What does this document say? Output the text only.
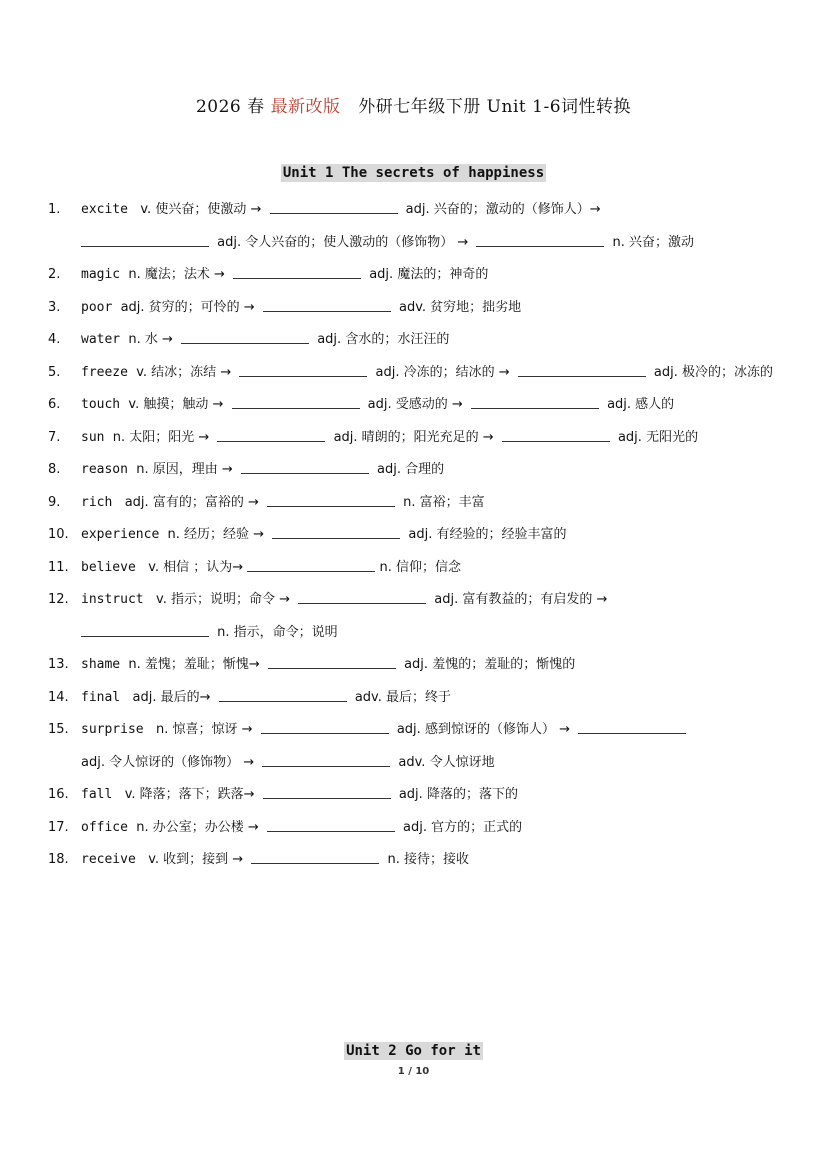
2026 春 最新改版 外研七年级下册 Unit 1-6词性转换
Unit 1 The secrets of happiness
1. excite v. 使兴奋；使激动 →	adj. 兴奋的；激动的（修饰人）→
adj. 令人兴奋的；使人激动的（修饰物） →	n. 兴奋；激动
2. magic n. 魔法；法术 →	adj. 魔法的；神奇的
3. poor adj. 贫穷的；可怜的 →	adv. 贫穷地；拙劣地
4. water n. 水 →	adj. 含水的；水汪汪的
5. freeze v. 结冰；冻结 →	adj. 冷冻的；结冰的 →	adj. 极冷的；冰冻的
6. touch v. 触摸；触动 →	adj. 受感动的 →	adj. 感人的
7. sun n. 太阳；阳光 →	adj. 晴朗的；阳光充足的 →	adj. 无阳光的
8. reason n. 原因，理由 →	adj. 合理的
9. rich adj. 富有的；富裕的 →	n. 富裕；丰富
10. experience n. 经历；经验 →	adj. 有经验的；经验丰富的
11. believe v. 相信 ；认为→	n. 信仰；信念
12. instruct v. 指示；说明；命令 →	adj. 富有教益的；有启发的 →
n. 指示，命令；说明
13. shame n. 羞愧；羞耻；惭愧→	adj. 羞愧的；羞耻的；惭愧的
14. final adj. 最后的→	adv. 最后；终于
15. surprise n. 惊喜；惊讶 →	adj. 感到惊讶的（修饰人） →
adj. 令人惊讶的（修饰物） →	adv. 令人惊讶地
16. fall v. 降落；落下；跌落→	adj. 降落的；落下的
17. office n. 办公室；办公楼 →	adj. 官方的；正式的
18. receive v. 收到；接到 →	n. 接待；接收
Unit 2 Go for it
1 / 10
